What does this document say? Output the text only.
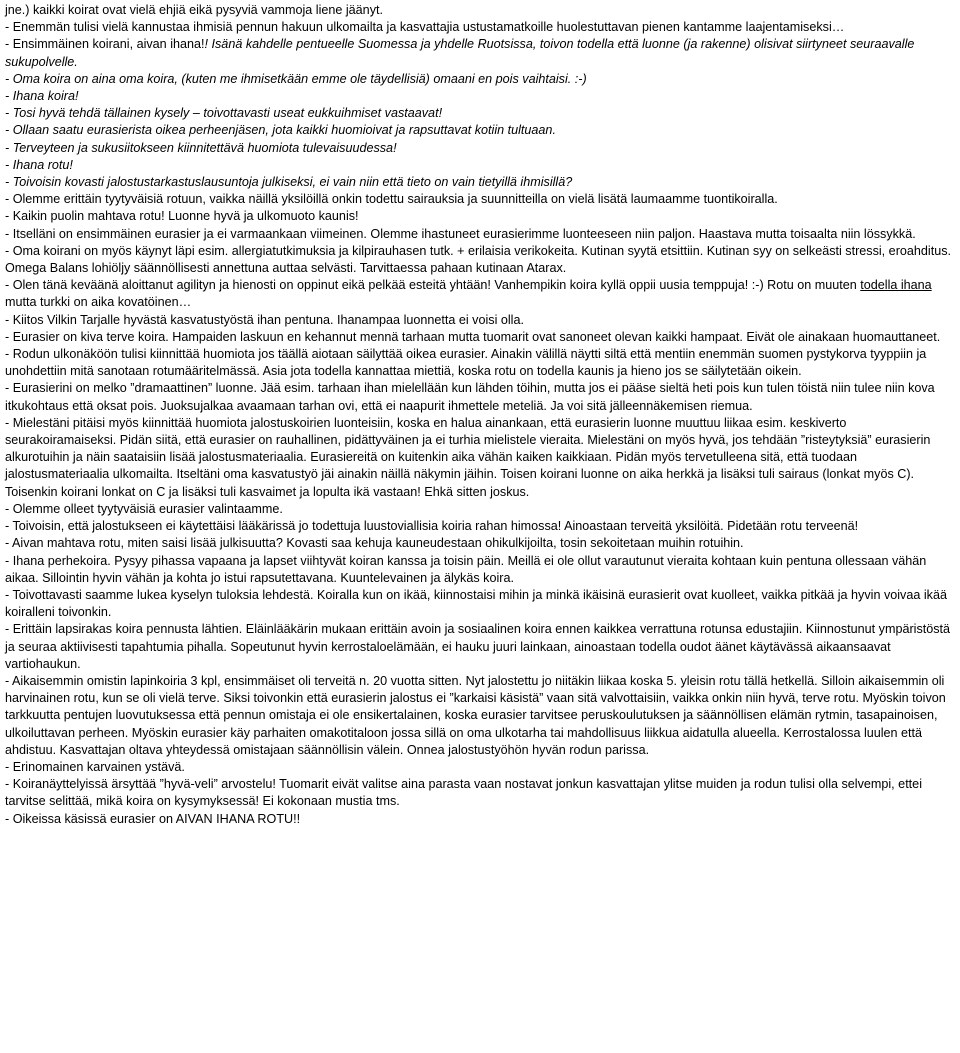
jne.) kaikki koirat ovat vielä ehjiä eikä pysyviä vammoja liene jäänyt.

- Enemmän tulisi vielä kannustaa ihmisiä pennun hakuun ulkomailta ja kasvattajia ustustamatkoille huolestuttavan pienen kantamme laajentamiseksi…

- Ensimmäinen koirani, aivan ihana!! Isänä kahdelle pentueelle Suomessa ja yhdelle Ruotsissa, toivon todella että luonne (ja rakenne) olisivat siirtyneet seuraavalle sukupolvelle.

- Oma koira on aina oma koira, (kuten me ihmisetkään emme ole täydellisiä) omaani en pois vaihtaisi. :-)

- Ihana koira!

- Tosi hyvä tehdä tällainen kysely – toivottavasti useat eukkuihmiset vastaavat!

- Ollaan saatu eurasierista oikea perheenjäsen, jota kaikki huomioivat ja rapsuttavat kotiin tultuaan.

- Terveyteen ja sukusiitokseen kiinnitettävä huomiota tulevaisuudessa!

- Ihana rotu!

- Toivoisin kovasti jalostustarkastuslausuntoja julkiseksi, ei vain niin että tieto on vain tietyillä ihmisillä?

- Olemme erittäin tyytyväisiä rotuun, vaikka näillä yksilöillä onkin todettu sairauksia ja suunnitteilla on vielä lisätä laumaamme tuontikoiralla.

- Kaikin puolin mahtava rotu! Luonne hyvä ja ulkomuoto kaunis!

- Itselläni on ensimmäinen eurasier ja ei varmaankaan viimeinen. Olemme ihastuneet eurasierimme luonteeseen niin paljon. Haastava mutta toisaalta niin lössykkä.

- Oma koirani on myös käynyt läpi esim. allergiatutkimuksia ja kilpirauhasen tutk. + erilaisia verikokeita. Kutinan syytä etsittiin. Kutinan syy on selkeästi stressi, eroahditus. Omega Balans lohiöljy säännöllisesti annettuna auttaa selvästi. Tarvittaessa pahaan kutinaan Atarax.

- Olen tänä keväänä aloittanut agilityn ja hienosti on oppinut eikä pelkää esteitä yhtään! Vanhempikin koira kyllä oppii uusia temppuja! :-) Rotu on muuten todella ihana mutta turkki on aika kovatöinen…

- Kiitos Vilkin Tarjalle hyvästä kasvatustyöstä ihan pentuna. Ihanampaa luonnetta ei voisi olla.

- Eurasier on kiva terve koira. Hampaiden laskuun en kehannut mennä tarhaan mutta tuomarit ovat sanoneet olevan kaikki hampaat. Eivät ole ainakaan huomauttaneet.

- Rodun ulkonäköön tulisi kiinnittää huomiota jos täällä aiotaan säilyttää oikea eurasier. Ainakin välillä näytti siltä että mentiin enemmän suomen pystykorva tyyppiin ja unohdettiin mitä sanotaan rotumääritelmässä. Asia jota todella kannattaa miettiä, koska rotu on todella kaunis ja hieno jos se säilytetään oikein.

- Eurasierini on melko ”dramaattinen” luonne. Jää esim. tarhaan ihan mielellään kun lähden töihin, mutta jos ei pääse sieltä heti pois kun tulen töistä niin tulee niin kova itkukohtaus että oksat pois. Juoksujalkaa avaamaan tarhan ovi, että ei naapurit ihmettele meteliä. Ja voi sitä jälleennäkemisen riemua.

- Mielestäni pitäisi myös kiinnittää huomiota jalostuskoirien luonteisiin, koska en halua ainankaan, että eurasierin luonne muuttuu liikaa esim. keskiverto seurakoiramaiseksi. Pidän siitä, että eurasier on rauhallinen, pidättyväinen ja ei turhia mielistele vieraita. Mielestäni on myös hyvä, jos tehdään ”risteytyksiä” eurasierin alkurotuihin ja näin saataisiin lisää jalostusmateriaalia. Eurasiereitä on kuitenkin aika vähän kaiken kaikkiaan. Pidän myös tervetulleena sitä, että tuodaan jalostusmateriaalia ulkomailta. Itseltäni oma kasvatustyö jäi ainakin näillä näkymin jäihin. Toisen koirani luonne on aika herkkä ja lisäksi tuli sairaus (lonkat myös C). Toisenkin koirani lonkat on C ja lisäksi tuli kasvaimet ja lopulta ikä vastaan! Ehkä sitten joskus.

- Olemme olleet tyytyväisiä eurasier valintaamme.

- Toivoisin, että jalostukseen ei käytettäisi lääkärissä jo todettuja luustoviallisia koiria rahan himossa! Ainoastaan terveitä yksilöitä. Pidetään rotu terveenä!

- Aivan mahtava rotu, miten saisi lisää julkisuutta? Kovasti saa kehuja kauneudestaan ohikulkijoilta, tosin sekoitetaan muihin rotuihin.

- Ihana perhekoira. Pysyy pihassa vapaana ja lapset viihtyvät koiran kanssa ja toisin päin. Meillä ei ole ollut varautunut vieraita kohtaan kuin pentuna ollessaan vähän aikaa. Sillointin hyvin vähän ja kohta jo istui rapsutettavana. Kuuntelevainen ja älykäs koira.

- Toivottavasti saamme lukea kyselyn tuloksia lehdestä. Koiralla kun on ikää, kiinnostaisi mihin ja minkä ikäisinä eurasierit ovat kuolleet, vaikka pitkää ja hyvin voivaa ikää koiralleni toivonkin.

- Erittäin lapsirakas koira pennusta lähtien. Eläinlääkärin mukaan erittäin avoin ja sosiaalinen koira ennen kaikkea verrattuna rotunsa edustajiin. Kiinnostunut ympäristöstä ja seuraa aktiivisesti tapahtumia pihalla. Sopeutunut hyvin kerrostaloelämään, ei hauku juuri lainkaan, ainoastaan todella oudot äänet käytävässä aikaansaavat vartiohaukun.

- Aikaisemmin omistin lapinkoiria 3 kpl, ensimmäiset oli terveitä n. 20 vuotta sitten. Nyt jalostettu jo niitäkin liikaa koska 5. yleisin rotu tällä hetkellä. Silloin aikaisemmin oli harvinainen rotu, kun se oli vielä terve. Siksi toivonkin että eurasierin jalostus ei ”karkaisi käsistä” vaan sitä valvottaisiin, vaikka onkin niin hyvä, terve rotu. Myöskin toivon tarkkuutta pentujen luovutuksessa että pennun omistaja ei ole ensikertalainen, koska eurasier tarvitsee peruskoulutuksen ja säännöllisen elämän rytmin, tasapainoisen, ulkoiluttavan perheen. Myöskin eurasier käy parhaiten omakotitaloon jossa sillä on oma ulkotarha tai mahdollisuus liikkua aidatulla alueella. Kerrostalossa luulen että ahdistuu. Kasvattajan oltava yhteydessä omistajaan säännöllisin välein. Onnea jalostustyöhön hyvän rodun parissa.

- Erinomainen karvainen ystävä.

- Koiranäyttelyissä ärsyttää ”hyvä-veli” arvostelu! Tuomarit eivät valitse aina parasta vaan nostavat jonkun kasvattajan ylitse muiden ja rodun tulisi olla selvempi, ettei tarvitse selittää, mikä koira on kysymyksessä! Ei kokonaan mustia tms.

- Oikeissa käsissä eurasier on AIVAN IHANA ROTU!!
